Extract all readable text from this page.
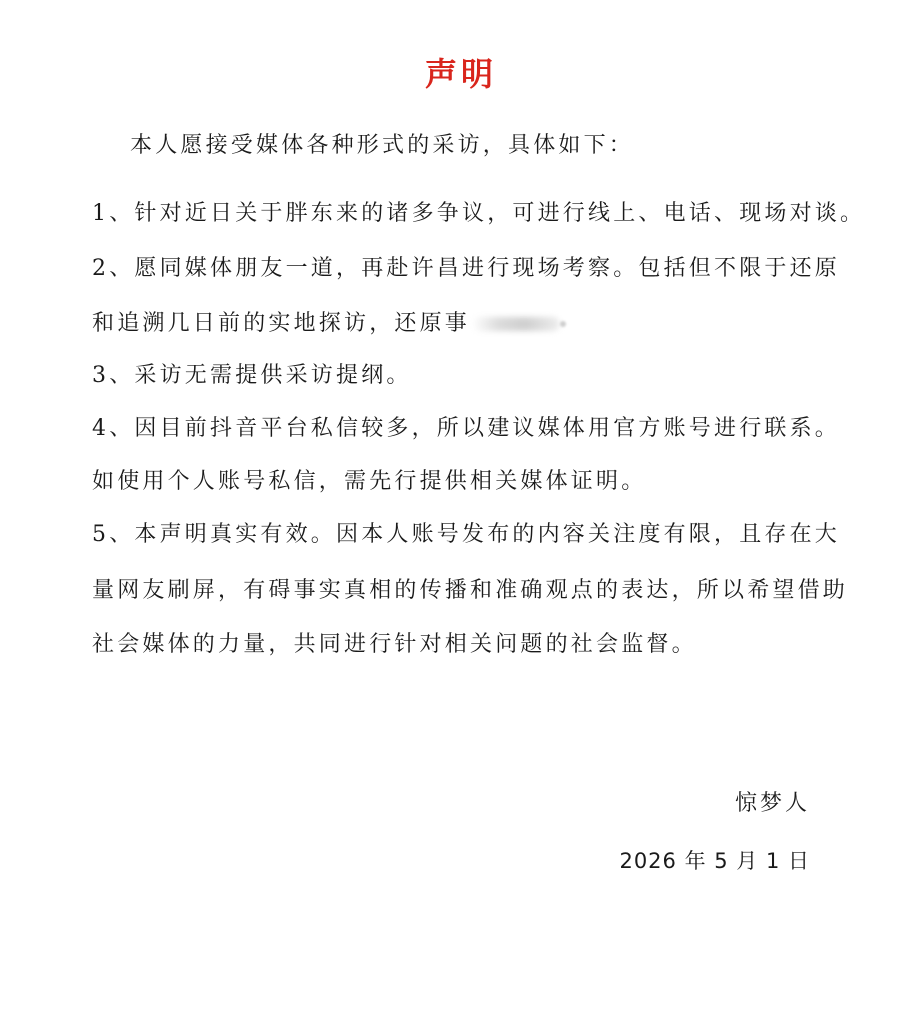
声明
本人愿接受媒体各种形式的采访，具体如下：
1、针对近日关于胖东来的诸多争议，可进行线上、电话、现场对谈。
2、愿同媒体朋友一道，再赴许昌进行现场考察。包括但不限于还原
和追溯几日前的实地探访，还原事
3、采访无需提供采访提纲。
4、因目前抖音平台私信较多，所以建议媒体用官方账号进行联系。
如使用个人账号私信，需先行提供相关媒体证明。
5、本声明真实有效。因本人账号发布的内容关注度有限，且存在大
量网友刷屏，有碍事实真相的传播和准确观点的表达，所以希望借助
社会媒体的力量，共同进行针对相关问题的社会监督。
惊梦人
2026 年 5 月 1 日
